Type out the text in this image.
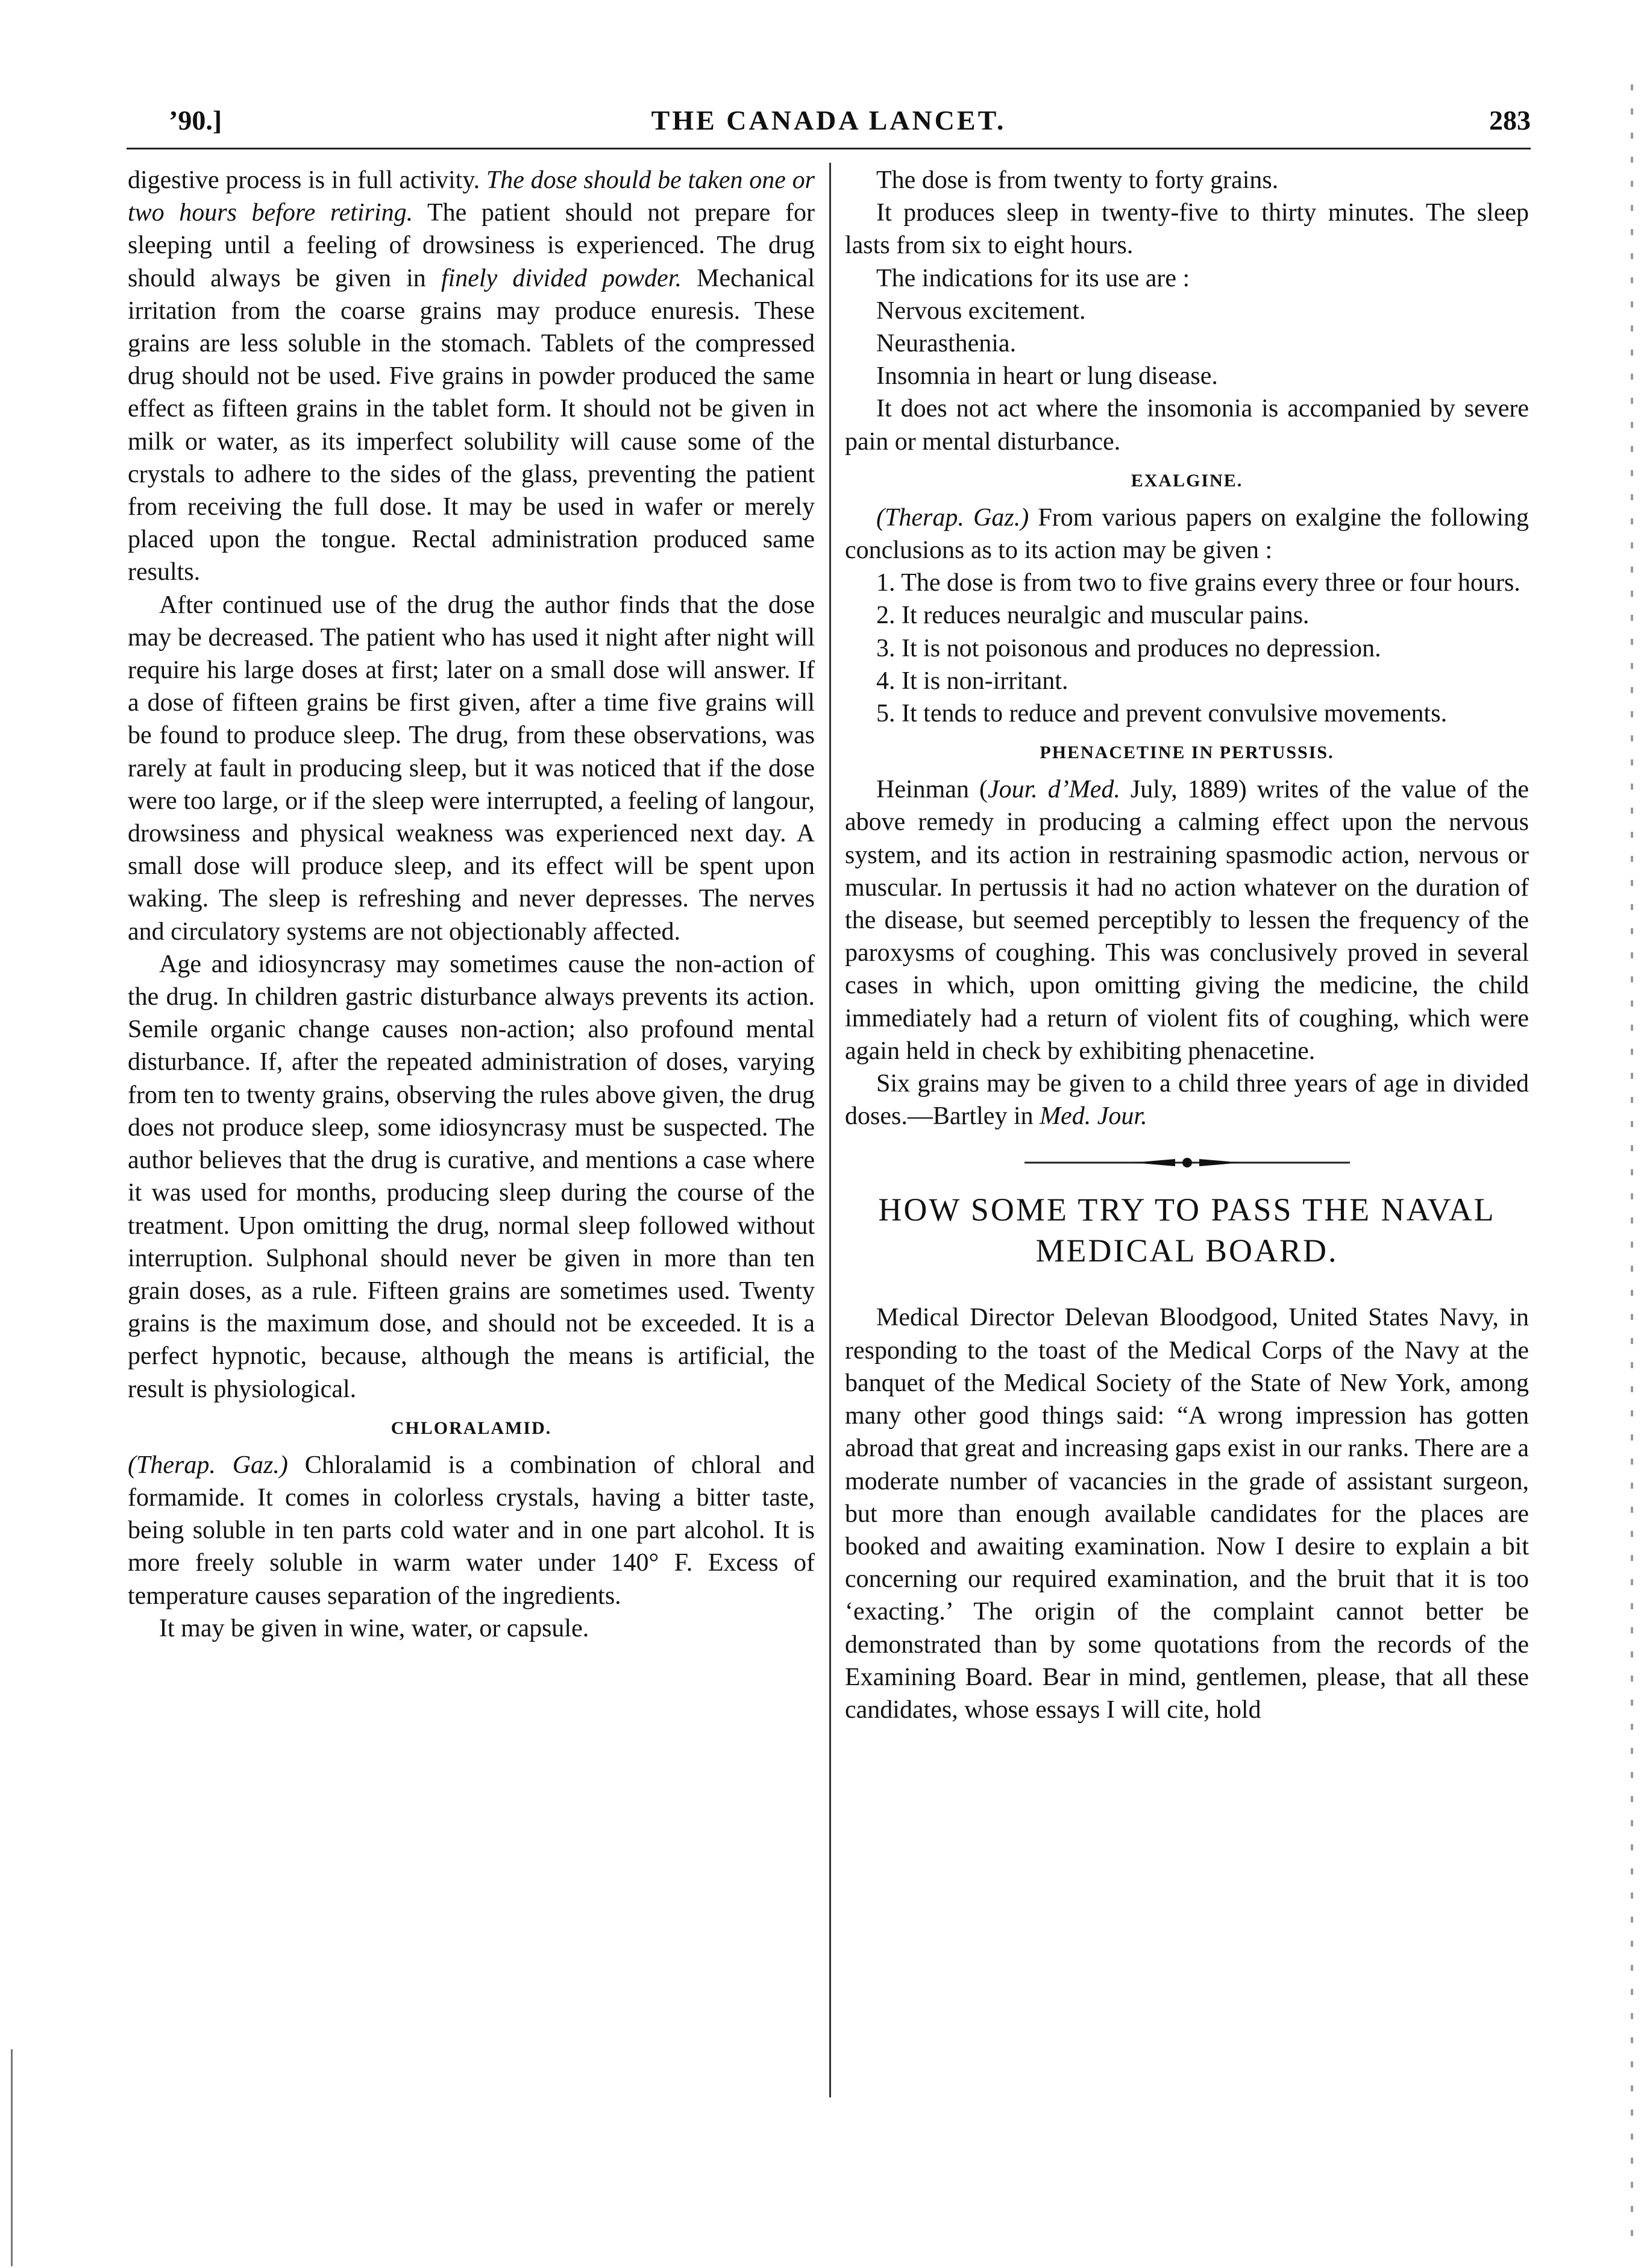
’90.]	THE CANADA LANCET.	283

digestive process is in full activity. The dose should be taken one or two hours before retiring. The patient should not prepare for sleeping until a feeling of drowsiness is experienced. The drug should always be given in finely divided powder. Mechanical irritation from the coarse grains may produce enuresis. These grains are less soluble in the stomach. Tablets of the compressed drug should not be used. Five grains in powder produced the same effect as fifteen grains in the tablet form. It should not be given in milk or water, as its imperfect solubility will cause some of the crystals to adhere to the sides of the glass, preventing the patient from receiving the full dose. It may be used in wafer or merely placed upon the tongue. Rectal administration produced same results.

After continued use of the drug the author finds that the dose may be decreased. The patient who has used it night after night will require his large doses at first; later on a small dose will answer. If a dose of fifteen grains be first given, after a time five grains will be found to produce sleep. The drug, from these observations, was rarely at fault in producing sleep, but it was noticed that if the dose were too large, or if the sleep were interrupted, a feeling of langour, drowsiness and physical weakness was experienced next day. A small dose will produce sleep, and its effect will be spent upon waking. The sleep is refreshing and never depresses. The nerves and circulatory systems are not objectionably affected.

Age and idiosyncrasy may sometimes cause the non-action of the drug. In children gastric disturbance always prevents its action. Semile organic change causes non-action; also profound mental disturbance. If, after the repeated administration of doses, varying from ten to twenty grains, observing the rules above given, the drug does not produce sleep, some idiosyncrasy must be suspected. The author believes that the drug is curative, and mentions a case where it was used for months, producing sleep during the course of the treatment. Upon omitting the drug, normal sleep followed without interruption. Sulphonal should never be given in more than ten grain doses, as a rule. Fifteen grains are sometimes used. Twenty grains is the maximum dose, and should not be exceeded. It is a perfect hypnotic, because, although the means is artificial, the result is physiological.

CHLORALAMID.

(Therap. Gaz.) Chloralamid is a combination of chloral and formamide. It comes in colorless crystals, having a bitter taste, being soluble in ten parts cold water and in one part alcohol. It is more freely soluble in warm water under 140° F. Excess of temperature causes separation of the ingredients.

It may be given in wine, water, or capsule.

The dose is from twenty to forty grains.

It produces sleep in twenty-five to thirty minutes. The sleep lasts from six to eight hours.

The indications for its use are :

Nervous excitement.

Neurasthenia.

Insomnia in heart or lung disease.

It does not act where the insomonia is accompanied by severe pain or mental disturbance.

EXALGINE.

(Therap. Gaz.) From various papers on exalgine the following conclusions as to its action may be given :

1. The dose is from two to five grains every three or four hours.

2. It reduces neuralgic and muscular pains.

3. It is not poisonous and produces no depression.

4. It is non-irritant.

5. It tends to reduce and prevent convulsive movements.

PHENACETINE IN PERTUSSIS.

Heinman (Jour. d’Med. July, 1889) writes of the value of the above remedy in producing a calming effect upon the nervous system, and its action in restraining spasmodic action, nervous or muscular. In pertussis it had no action whatever on the duration of the disease, but seemed perceptibly to lessen the frequency of the paroxysms of coughing. This was conclusively proved in several cases in which, upon omitting giving the medicine, the child immediately had a return of violent fits of coughing, which were again held in check by exhibiting phenacetine.

Six grains may be given to a child three years of age in divided doses.—Bartley in Med. Jour.

HOW SOME TRY TO PASS THE NAVAL MEDICAL BOARD.

Medical Director Delevan Bloodgood, United States Navy, in responding to the toast of the Medical Corps of the Navy at the banquet of the Medical Society of the State of New York, among many other good things said: “A wrong impression has gotten abroad that great and increasing gaps exist in our ranks. There are a moderate number of vacancies in the grade of assistant surgeon, but more than enough available candidates for the places are booked and awaiting examination. Now I desire to explain a bit concerning our required examination, and the bruit that it is too ‘exacting.’ The origin of the complaint cannot better be demonstrated than by some quotations from the records of the Examining Board. Bear in mind, gentlemen, please, that all these candidates, whose essays I will cite, hold
